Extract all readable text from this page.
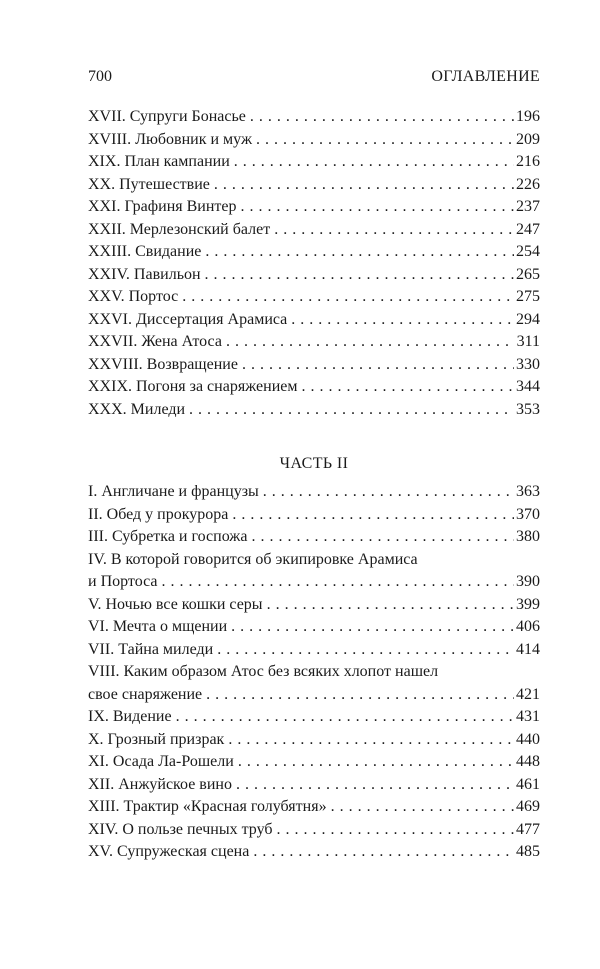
700	ОГЛАВЛЕНИЕ
XVII. Супруги Бонасье . . .	196
XVIII. Любовник и муж . . .	209
XIX. План кампании . . .	216
XX. Путешествие . . .	226
XXI. Графиня Винтер . . .	237
XXII. Мерлезонский балет . . .	247
XXIII. Свидание . . .	254
XXIV. Павильон . . .	265
XXV. Портос . . .	275
XXVI. Диссертация Арамиса . . .	294
XXVII. Жена Атоса . . .	311
XXVIII. Возвращение . . .	330
XXIX. Погоня за снаряжением . . .	344
XXX. Миледи . . .	353
ЧАСТЬ II
I. Англичане и французы . . .	363
II. Обед у прокурора . . .	370
III. Субретка и госпожа . . .	380
IV. В которой говорится об экипировке Арамиса
и Портоса . . .	390
V. Ночью все кошки серы . . .	399
VI. Мечта о мщении . . .	406
VII. Тайна миледи . . .	414
VIII. Каким образом Атос без всяких хлопот нашел
свое снаряжение . . .	421
IX. Видение . . .	431
X. Грозный призрак . . .	440
XI. Осада Ла-Рошели . . .	448
XII. Анжуйское вино . . .	461
XIII. Трактир «Красная голубятня» . . .	469
XIV. О пользе печных труб . . .	477
XV. Супружеская сцена . . .	485
